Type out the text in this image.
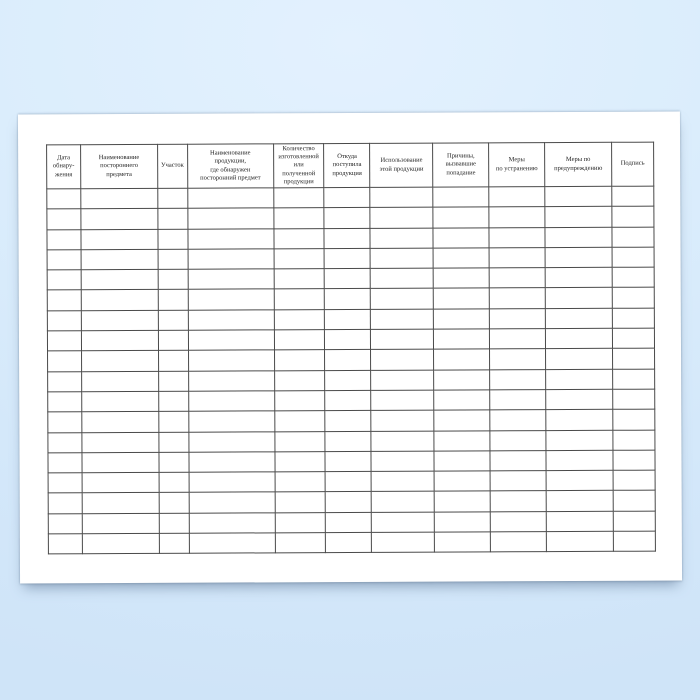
Дата
обнару-
жения	Наименование
постороннего
предмета	Участок	Наименование
продукции,
где обнаружен
посторонний предмет	Количество
изготовленной
или
полученной
продукции	Откуда
поступила
продукция	Использование
этой продукции	Причины,
вызвавшие
попадание	Меры
по устранению	Меры по
предупреждению	Подпись
